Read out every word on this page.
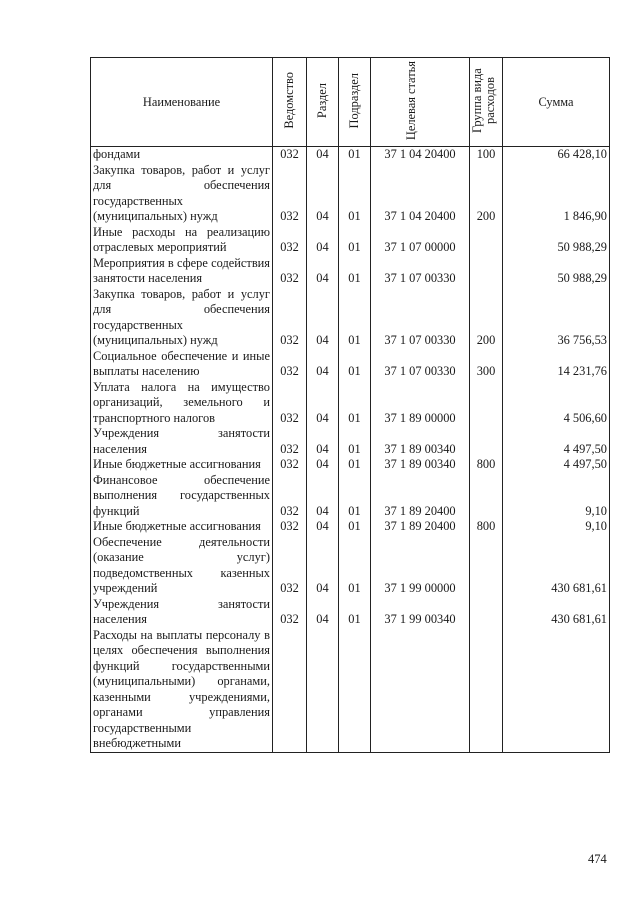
Наименование	Ведомство	Раздел	Подраздел	Целевая статья	Группа вида расходов	Сумма
фондами	032	04	01	37 1 04 20400	100	66 428,10
Закупка товаров, работ и услуг для обеспечения государственных (муниципальных) нужд	032	04	01	37 1 04 20400	200	1 846,90
Иные расходы на реализацию отраслевых мероприятий	032	04	01	37 1 07 00000		50 988,29
Мероприятия в сфере содействия занятости населения	032	04	01	37 1 07 00330		50 988,29
Закупка товаров, работ и услуг для обеспечения государственных (муниципальных) нужд	032	04	01	37 1 07 00330	200	36 756,53
Социальное обеспечение и иные выплаты населению	032	04	01	37 1 07 00330	300	14 231,76
Уплата налога на имущество организаций, земельного и транспортного налогов	032	04	01	37 1 89 00000		4 506,60
Учреждения занятости населения	032	04	01	37 1 89 00340		4 497,50
Иные бюджетные ассигнования	032	04	01	37 1 89 00340	800	4 497,50
Финансовое обеспечение выполнения государственных функций	032	04	01	37 1 89 20400		9,10
Иные бюджетные ассигнования	032	04	01	37 1 89 20400	800	9,10
Обеспечение деятельности (оказание услуг) подведомственных казенных учреждений	032	04	01	37 1 99 00000		430 681,61
Учреждения занятости населения	032	04	01	37 1 99 00340		430 681,61
Расходы на выплаты персоналу в целях обеспечения выполнения функций государственными (муниципальными) органами, казенными учреждениями, органами управления государственными внебюджетными						
474
